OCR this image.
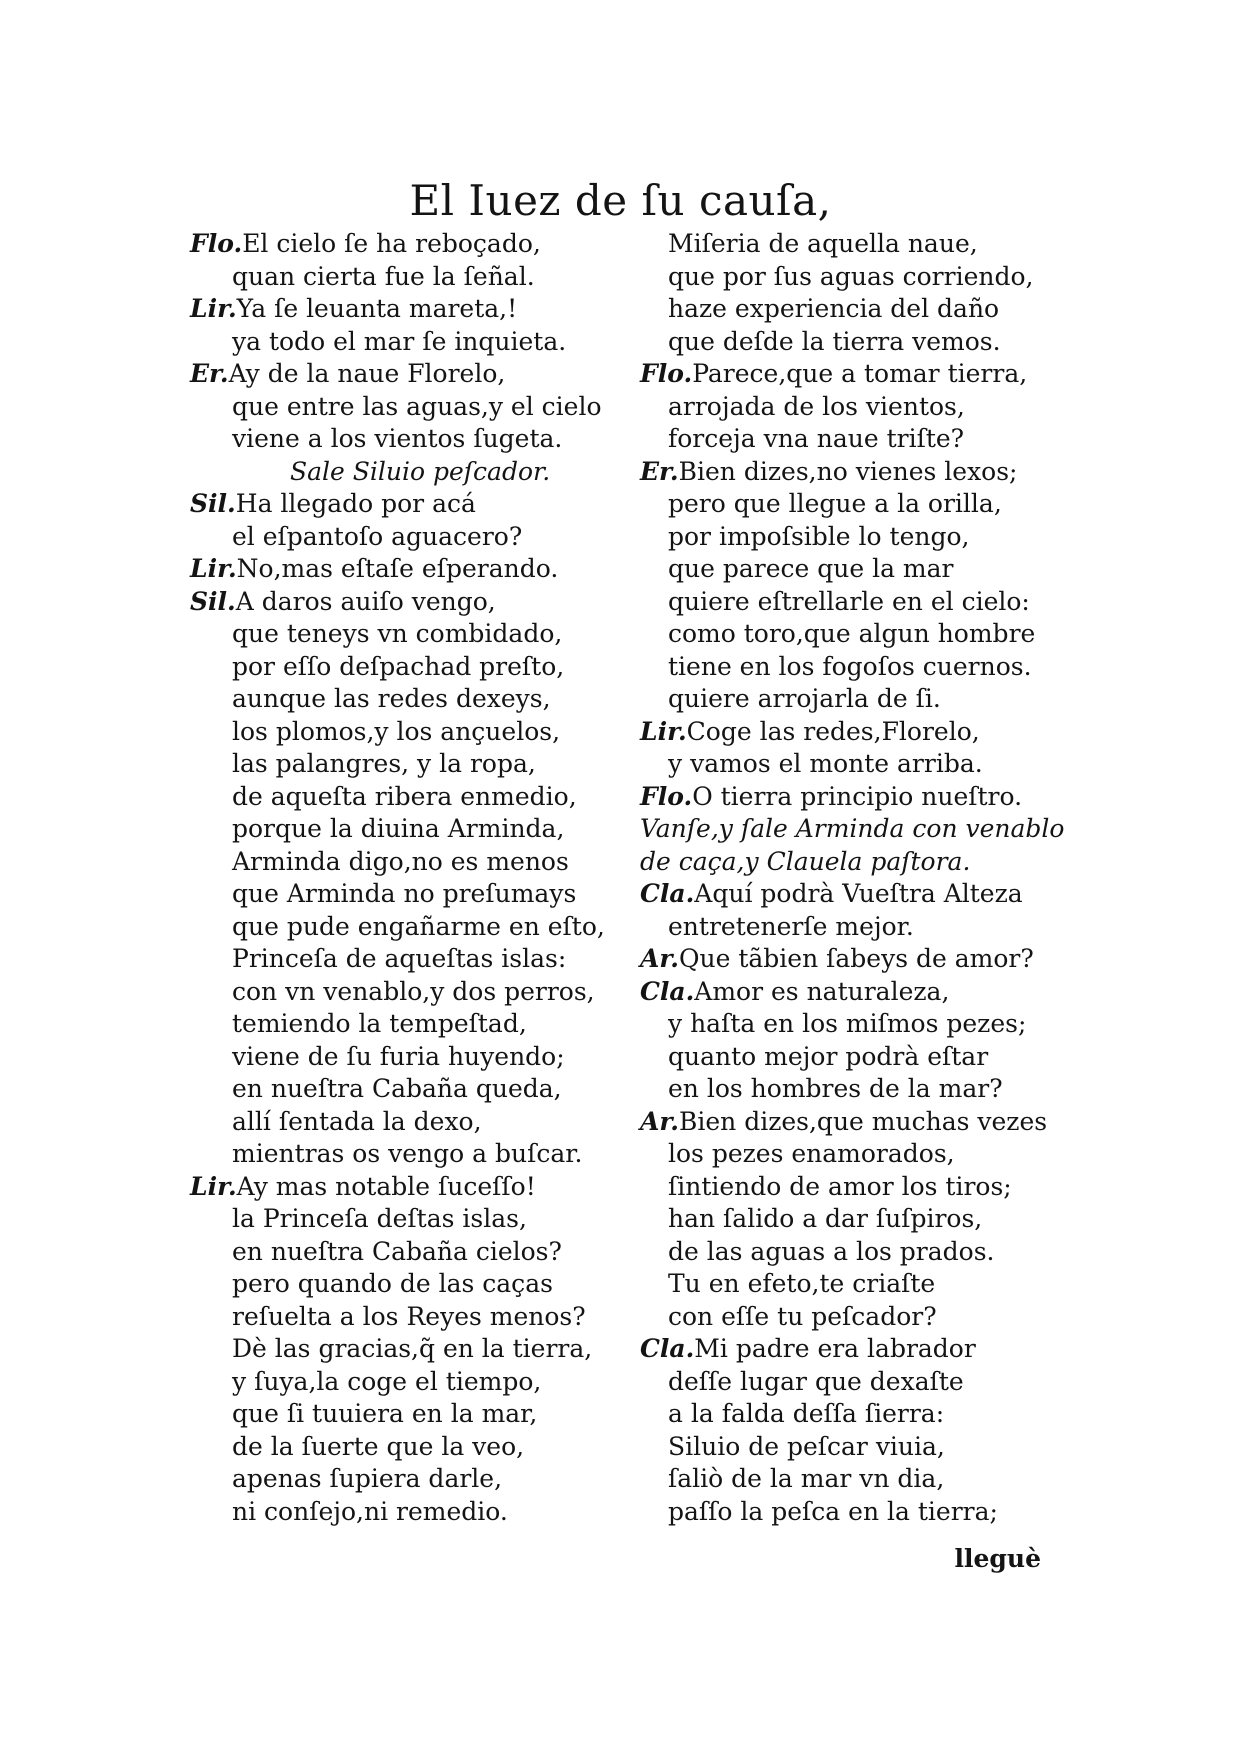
El Iuez de ſu cauſa,
Flo.El cielo ſe ha reboçado,
quan cierta fue la ſeñal.
Lir.Ya ſe leuanta mareta,!
ya todo el mar ſe inquieta.
Er.Ay de la naue Florelo,
que entre las aguas,y el cielo
viene a los vientos ſugeta.
Sale Siluio peſcador.
Sil.Ha llegado por acá
el eſpantoſo aguacero?
Lir.No,mas eſtaſe eſperando.
Sil.A daros auiſo vengo,
que teneys vn combidado,
por eſſo deſpachad preſto,
aunque las redes dexeys,
los plomos,y los ançuelos,
las palangres, y la ropa,
de aqueſta ribera enmedio,
porque la diuina Arminda,
Arminda digo,no es menos
que Arminda no preſumays
que pude engañarme en eſto,
Princeſa de aqueſtas islas:
con vn venablo,y dos perros,
temiendo la tempeſtad,
viene de ſu furia huyendo;
en nueſtra Cabaña queda,
allí ſentada la dexo,
mientras os vengo a buſcar.
Lir.Ay mas notable ſuceſſo!
la Princeſa deſtas islas,
en nueſtra Cabaña cielos?
pero quando de las caças
reſuelta a los Reyes menos?
Dè las gracias,q̃ en la tierra,
y ſuya,la coge el tiempo,
que ſi tuuiera en la mar,
de la ſuerte que la veo,
apenas ſupiera darle,
ni conſejo,ni remedio.
Miſeria de aquella naue,
que por ſus aguas corriendo,
haze experiencia del daño
que deſde la tierra vemos.
Flo.Parece,que a tomar tierra,
arrojada de los vientos,
forceja vna naue triſte?
Er.Bien dizes,no vienes lexos;
pero que llegue a la orilla,
por impoſsible lo tengo,
que parece que la mar
quiere eſtrellarle en el cielo:
como toro,que algun hombre
tiene en los fogoſos cuernos.
quiere arrojarla de ſi.
Lir.Coge las redes,Florelo,
y vamos el monte arriba.
Flo.O tierra principio nueſtro.
Vanſe,y ſale Arminda con venablo
de caça,y Clauela paſtora.
Cla.Aquí podrà Vueſtra Alteza
entretenerſe mejor.
Ar.Que tãbien ſabeys de amor?
Cla.Amor es naturaleza,
y haſta en los miſmos pezes;
quanto mejor podrà eſtar
en los hombres de la mar?
Ar.Bien dizes,que muchas vezes
los pezes enamorados,
ſintiendo de amor los tiros;
han ſalido a dar ſuſpiros,
de las aguas a los prados.
Tu en efeto,te criaſte
con eſſe tu peſcador?
Cla.Mi padre era labrador
deſſe lugar que dexaſte
a la falda deſſa ſierra:
Siluio de peſcar viuia,
ſaliò de la mar vn dia,
paſſo la peſca en la tierra;
lleguè
